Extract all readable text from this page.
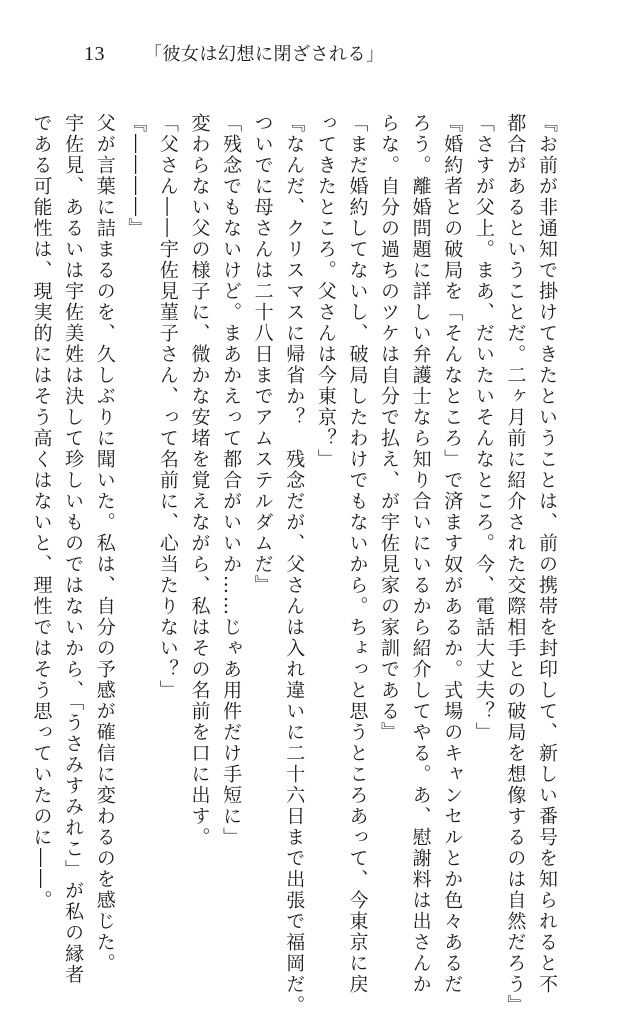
13	「彼女は幻想に閉ざされる」
『お前が非通知で掛けてきたということは、前の携帯を封印して、新しい番号を知られると不
都合があるということだ。二ヶ月前に紹介された交際相手との破局を想像するのは自然だろう』
「さすが父上。まあ、だいたいそんなところ。今、電話大丈夫？」
『婚約者との破局を「そんなところ」で済ます奴があるか。式場のキャンセルとか色々あるだ
ろう。離婚問題に詳しい弁護士なら知り合いにいるから紹介してやる。あ、慰謝料は出さんか
らな。自分の過ちのツケは自分で払え、が宇佐見家の家訓である』
「まだ婚約してないし、破局したわけでもないから。ちょっと思うところあって、今東京に戻
ってきたところ。父さんは今東京？」
『なんだ、クリスマスに帰省か？　残念だが、父さんは入れ違いに二十六日まで出張で福岡だ。
ついでに母さんは二十八日までアムステルダムだ』
「残念でもないけど。まあかえって都合がいいか……じゃあ用件だけ手短に」
変わらない父の様子に、微かな安堵を覚えながら、私はその名前を口に出す。
「父さん――宇佐見菫子さん、って名前に、心当たりない？」
『――――』
父が言葉に詰まるのを、久しぶりに聞いた。私は、自分の予感が確信に変わるのを感じた。
宇佐見、あるいは宇佐美姓は決して珍しいものではないから、「うさみすみれこ」が私の縁者
である可能性は、現実的にはそう高くはないと、理性ではそう思っていたのに――。
